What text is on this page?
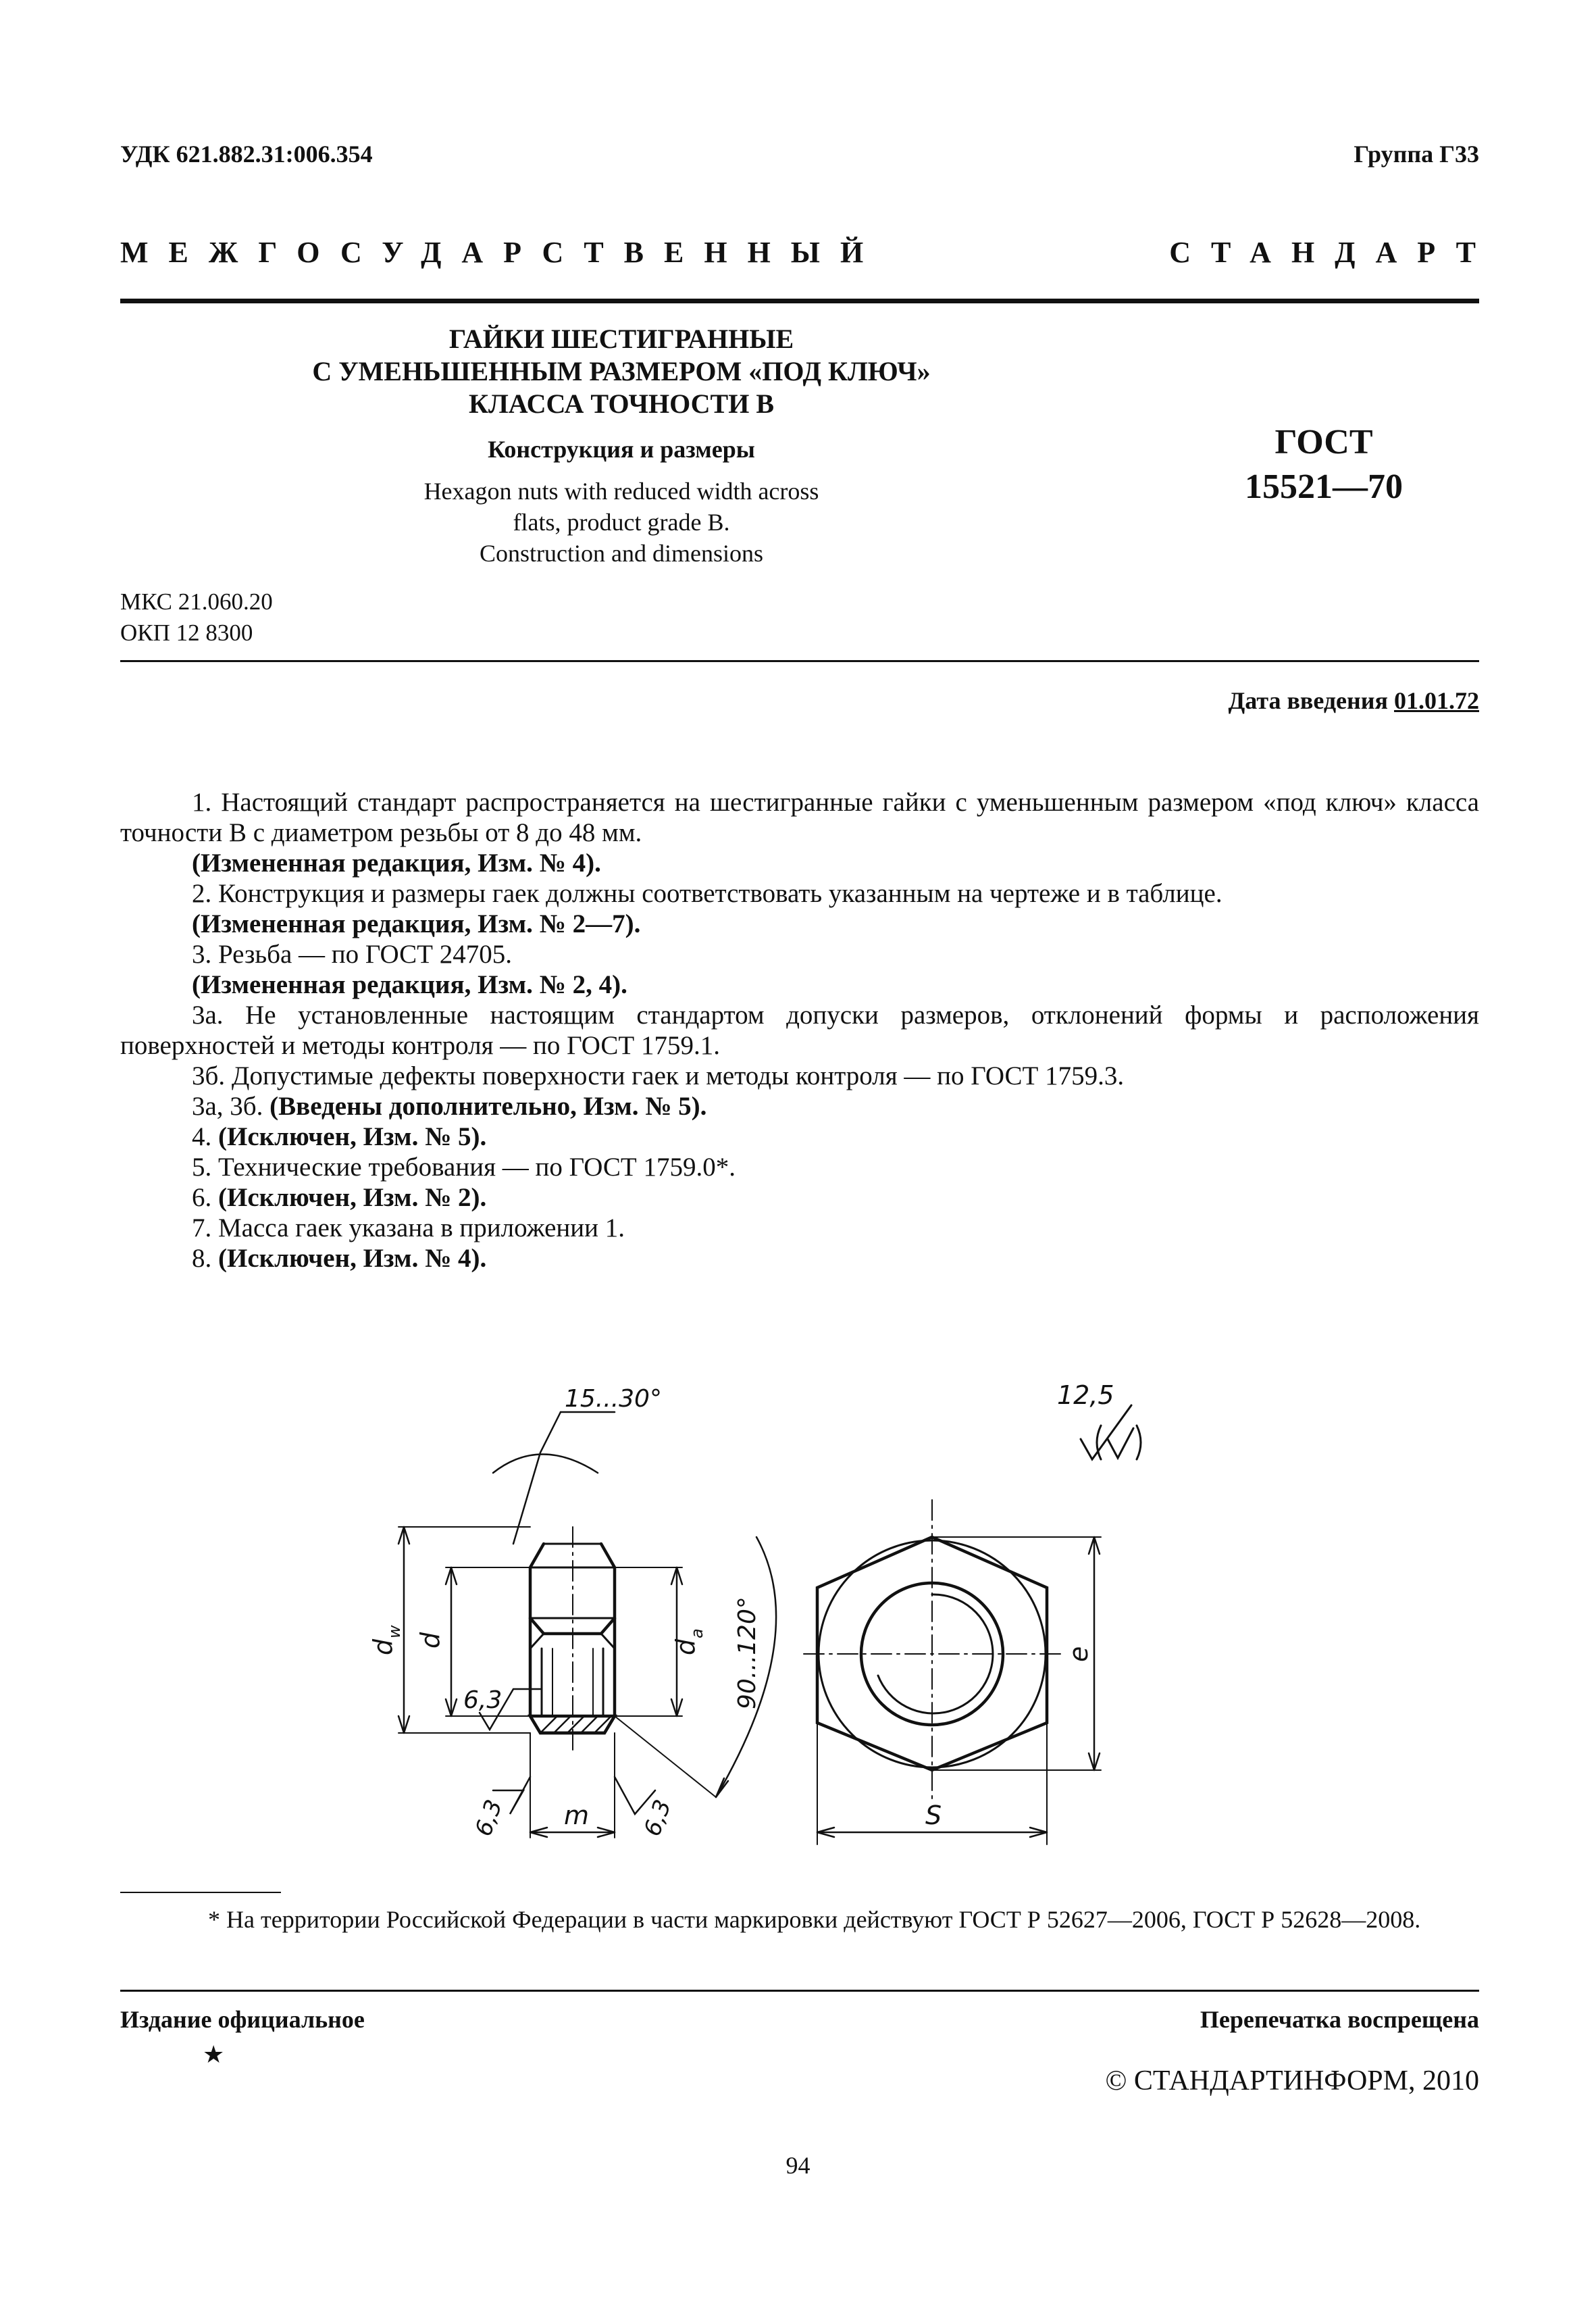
УДК 621.882.31:006.354	Группа Г33
МЕЖГОСУДАРСТВЕННЫЙ	СТАНДАРТ
ГАЙКИ ШЕСТИГРАННЫЕ
С УМЕНЬШЕННЫМ РАЗМЕРОМ «ПОД КЛЮЧ»
КЛАССА ТОЧНОСТИ В
Конструкция и размеры
Hexagon nuts with reduced width across
flats, product grade B.
Construction and dimensions
ГОСТ
15521—70
МКС 21.060.20
ОКП 12 8300
Дата введения 01.01.72

1. Настоящий стандарт распространяется на шестигранные гайки с уменьшенным размером «под ключ» класса точности В с диаметром резьбы от 8 до 48 мм.

(Измененная редакция, Изм. № 4).

2. Конструкция и размеры гаек должны соответствовать указанным на чертеже и в таблице.

(Измененная редакция, Изм. № 2—7).

3. Резьба — по ГОСТ 24705.

(Измененная редакция, Изм. № 2, 4).

3а. Не установленные настоящим стандартом допуски размеров, отклонений формы и расположения поверхностей и методы контроля — по ГОСТ 1759.1.

3б. Допустимые дефекты поверхности гаек и методы контроля — по ГОСТ 1759.3.

3а, 3б. (Введены дополнительно, Изм. № 5).

4. (Исключен, Изм. № 5).

5. Технические требования — по ГОСТ 1759.0*.

6. (Исключен, Изм. № 2).

7. Масса гаек указана в приложении 1.

8. (Исключен, Изм. № 4).

12,5
15...30°
d
w
d
6,3
d
a 90...120°
m
6,3	6,3
e
S
* На территории Российской Федерации в части маркировки действуют ГОСТ Р 52627—2006, ГОСТ Р 52628—2008.
Издание официальное	Перепечатка воспрещена
★
© СТАНДАРТИНФОРМ, 2010
94
